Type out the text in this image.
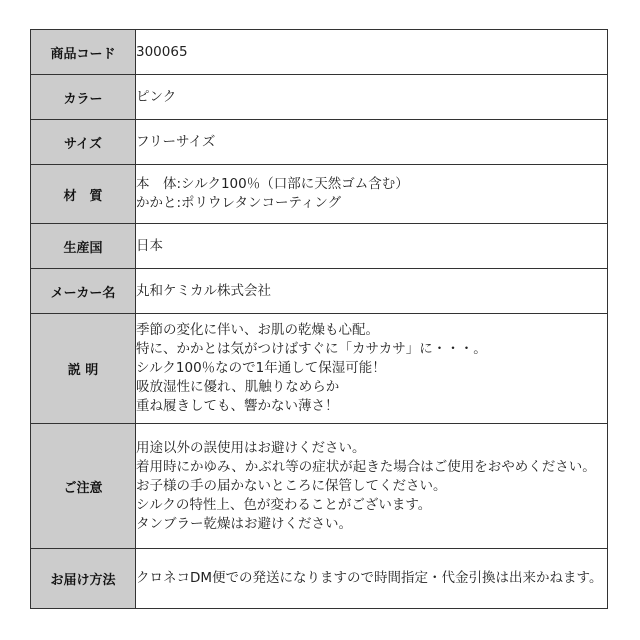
商品コード	300065

カラー	ピンク

サイズ	フリーサイズ

材　質	本　体:シルク100％（口部に天然ゴム含む）
かかと:ポリウレタンコーティング

生産国	日本

メーカー名	丸和ケミカル株式会社

説 明	季節の変化に伴い、お肌の乾燥も心配。
特に、かかとは気がつけばすぐに「カサカサ」に・・・。
シルク100％なので1年通して保湿可能！
吸放湿性に優れ、肌触りなめらか
重ね履きしても、響かない薄さ！

ご注意	用途以外の誤使用はお避けください。
着用時にかゆみ、かぶれ等の症状が起きた場合はご使用をおやめください。
お子様の手の届かないところに保管してください。
シルクの特性上、色が変わることがございます。
タンブラー乾燥はお避けください。

お届け方法	クロネコDM便での発送になりますので時間指定・代金引換は出来かねます。
